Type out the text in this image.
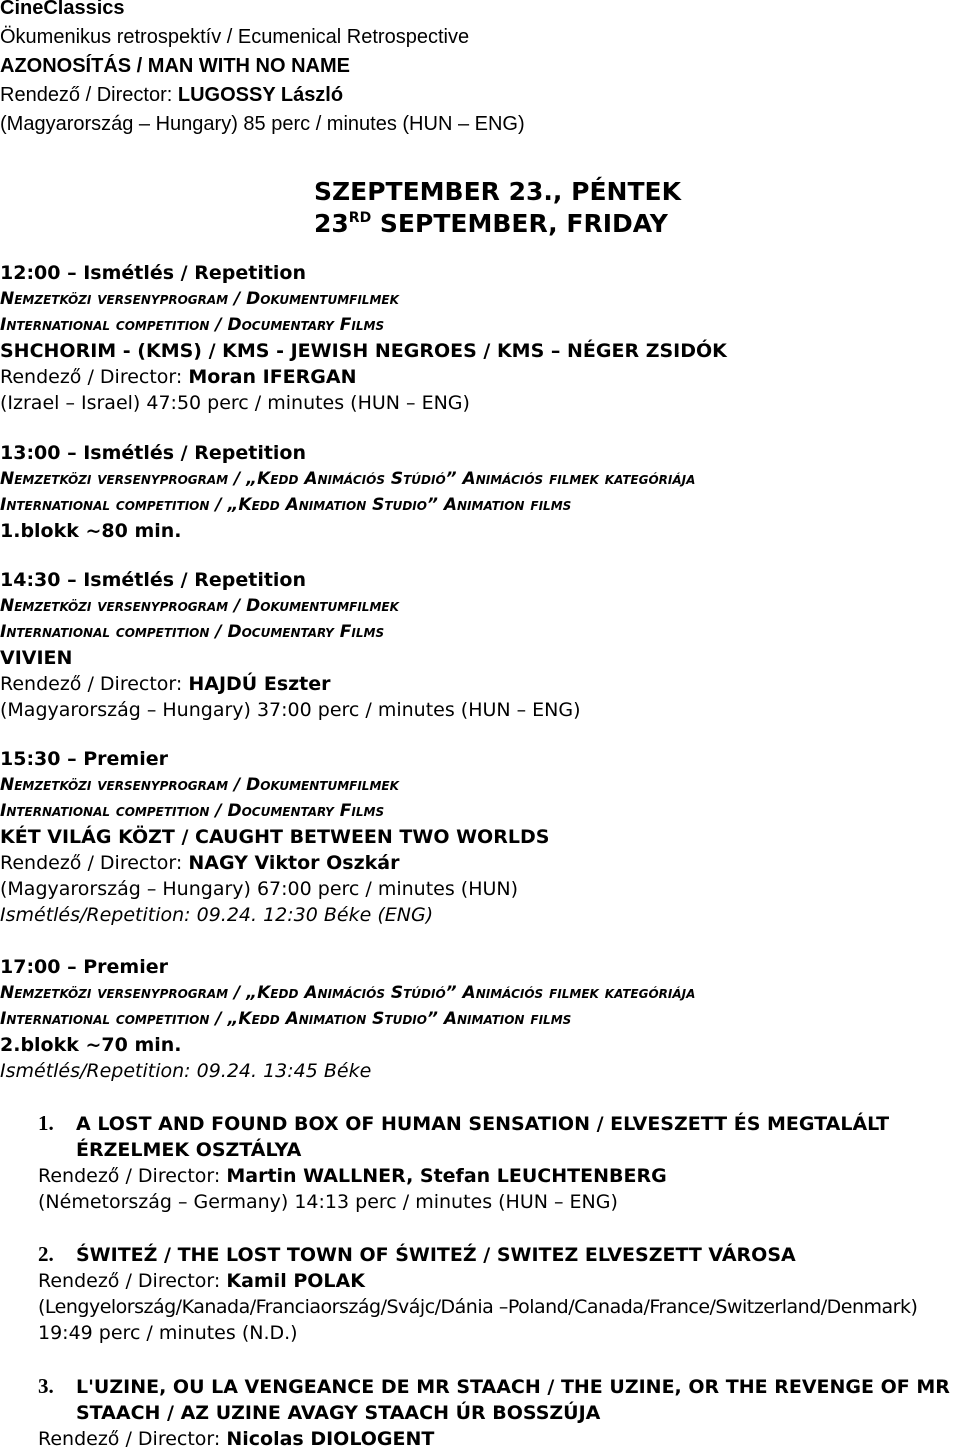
CineClassics
Ökumenikus retrospektív / Ecumenical Retrospective
AZONOSÍTÁS / MAN WITH NO NAME
Rendező / Director: LUGOSSY László
(Magyarország – Hungary) 85 perc / minutes (HUN – ENG)
SZEPTEMBER 23., PÉNTEK
23RD SEPTEMBER, FRIDAY
12:00 – Ismétlés / Repetition
Nemzetközi versenyprogram / Dokumentumfilmek
International competition / Documentary Films
SHCHORIM - (KMS) / KMS - JEWISH NEGROES / KMS – NÉGER ZSIDÓK
Rendező / Director: Moran IFERGAN
(Izrael – Israel) 47:50 perc / minutes (HUN – ENG)
13:00 – Ismétlés / Repetition
Nemzetközi versenyprogram / „Kedd Animációs Stúdió” Animációs filmek kategóriája
International competition / „Kedd Animation Studio” Animation films
1.blokk ~80 min.
14:30 – Ismétlés / Repetition
Nemzetközi versenyprogram / Dokumentumfilmek
International competition / Documentary Films
VIVIEN
Rendező / Director: HAJDÚ Eszter
(Magyarország – Hungary) 37:00 perc / minutes (HUN – ENG)
15:30 – Premier
Nemzetközi versenyprogram / Dokumentumfilmek
International competition / Documentary Films
KÉT VILÁG KÖZT / CAUGHT BETWEEN TWO WORLDS
Rendező / Director: NAGY Viktor Oszkár
(Magyarország – Hungary) 67:00 perc / minutes (HUN)
Ismétlés/Repetition: 09.24. 12:30 Béke (ENG)
17:00 – Premier
Nemzetközi versenyprogram / „Kedd Animációs Stúdió” Animációs filmek kategóriája
International competition / „Kedd Animation Studio” Animation films
2.blokk ~70 min.
Ismétlés/Repetition: 09.24. 13:45 Béke
1. A LOST AND FOUND BOX OF HUMAN SENSATION / ELVESZETT ÉS MEGTALÁLT
ÉRZELMEK OSZTÁLYA
Rendező / Director: Martin WALLNER, Stefan LEUCHTENBERG
(Németország – Germany) 14:13 perc / minutes (HUN – ENG)
2. ŚWITEŹ / THE LOST TOWN OF ŚWITEŹ / SWITEZ ELVESZETT VÁROSA
Rendező / Director: Kamil POLAK
(Lengyelország/Kanada/Franciaország/Svájc/Dánia –Poland/Canada/France/Switzerland/Denmark)
19:49 perc / minutes (N.D.)
3. L'UZINE, OU LA VENGEANCE DE MR STAACH / THE UZINE, OR THE REVENGE OF MR
STAACH / AZ UZINE AVAGY STAACH ÚR BOSSZÚJA
Rendező / Director: Nicolas DIOLOGENT
